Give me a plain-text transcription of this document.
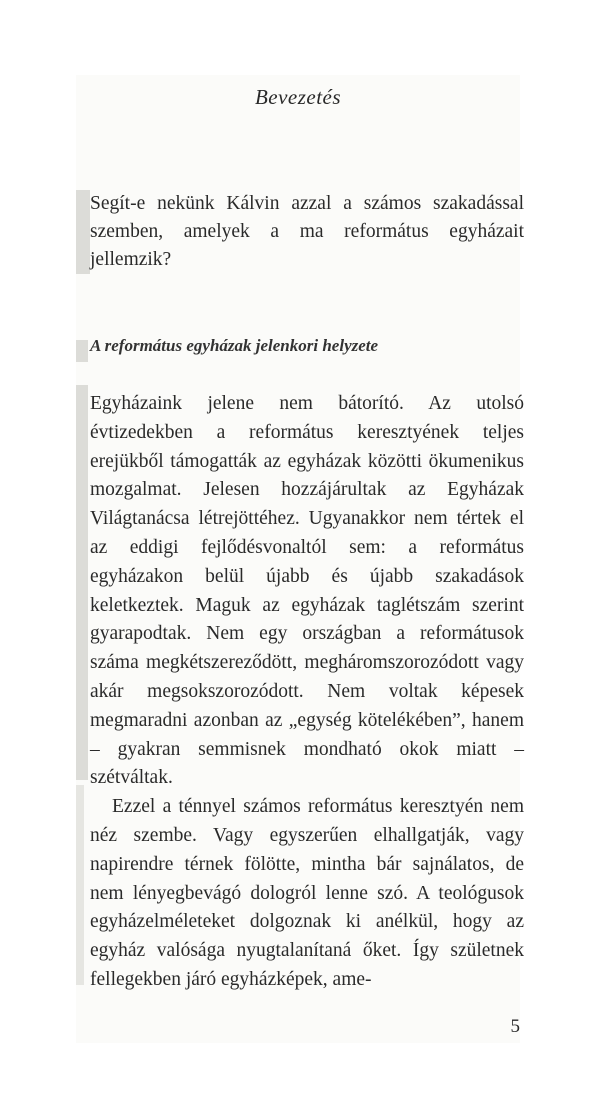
Bevezetés

Segít-e nekünk Kálvin azzal a számos szakadással szemben, amelyek a ma református egyházait jellemzik?

A református egyházak jelenkori helyzete

Egyházaink jelene nem bátorító. Az utolsó évtizedekben a református keresztyének teljes erejükből támogatták az egyházak közötti ökumenikus mozgalmat. Jelesen hozzájárultak az Egyházak Világtanácsa létrejöttéhez. Ugyanakkor nem tértek el az eddigi fejlődésvonaltól sem: a református egyházakon belül újabb és újabb szakadások keletkeztek. Maguk az egyházak taglétszám szerint gyarapodtak. Nem egy országban a reformátusok száma megkétszereződött, megháromszorozódott vagy akár megsokszorozódott. Nem voltak képesek megmaradni azonban az „egység kötelékében”, hanem – gyakran semmisnek mondható okok miatt – szétváltak.

Ezzel a ténnyel számos református keresztyén nem néz szembe. Vagy egyszerűen elhallgatják, vagy napirendre térnek fölötte, mintha bár sajnálatos, de nem lényegbevágó dologról lenne szó. A teológusok egyházelméleteket dolgoznak ki anélkül, hogy az egyház valósága nyugtalanítaná őket. Így születnek fellegekben járó egyházképek, ame-

5
